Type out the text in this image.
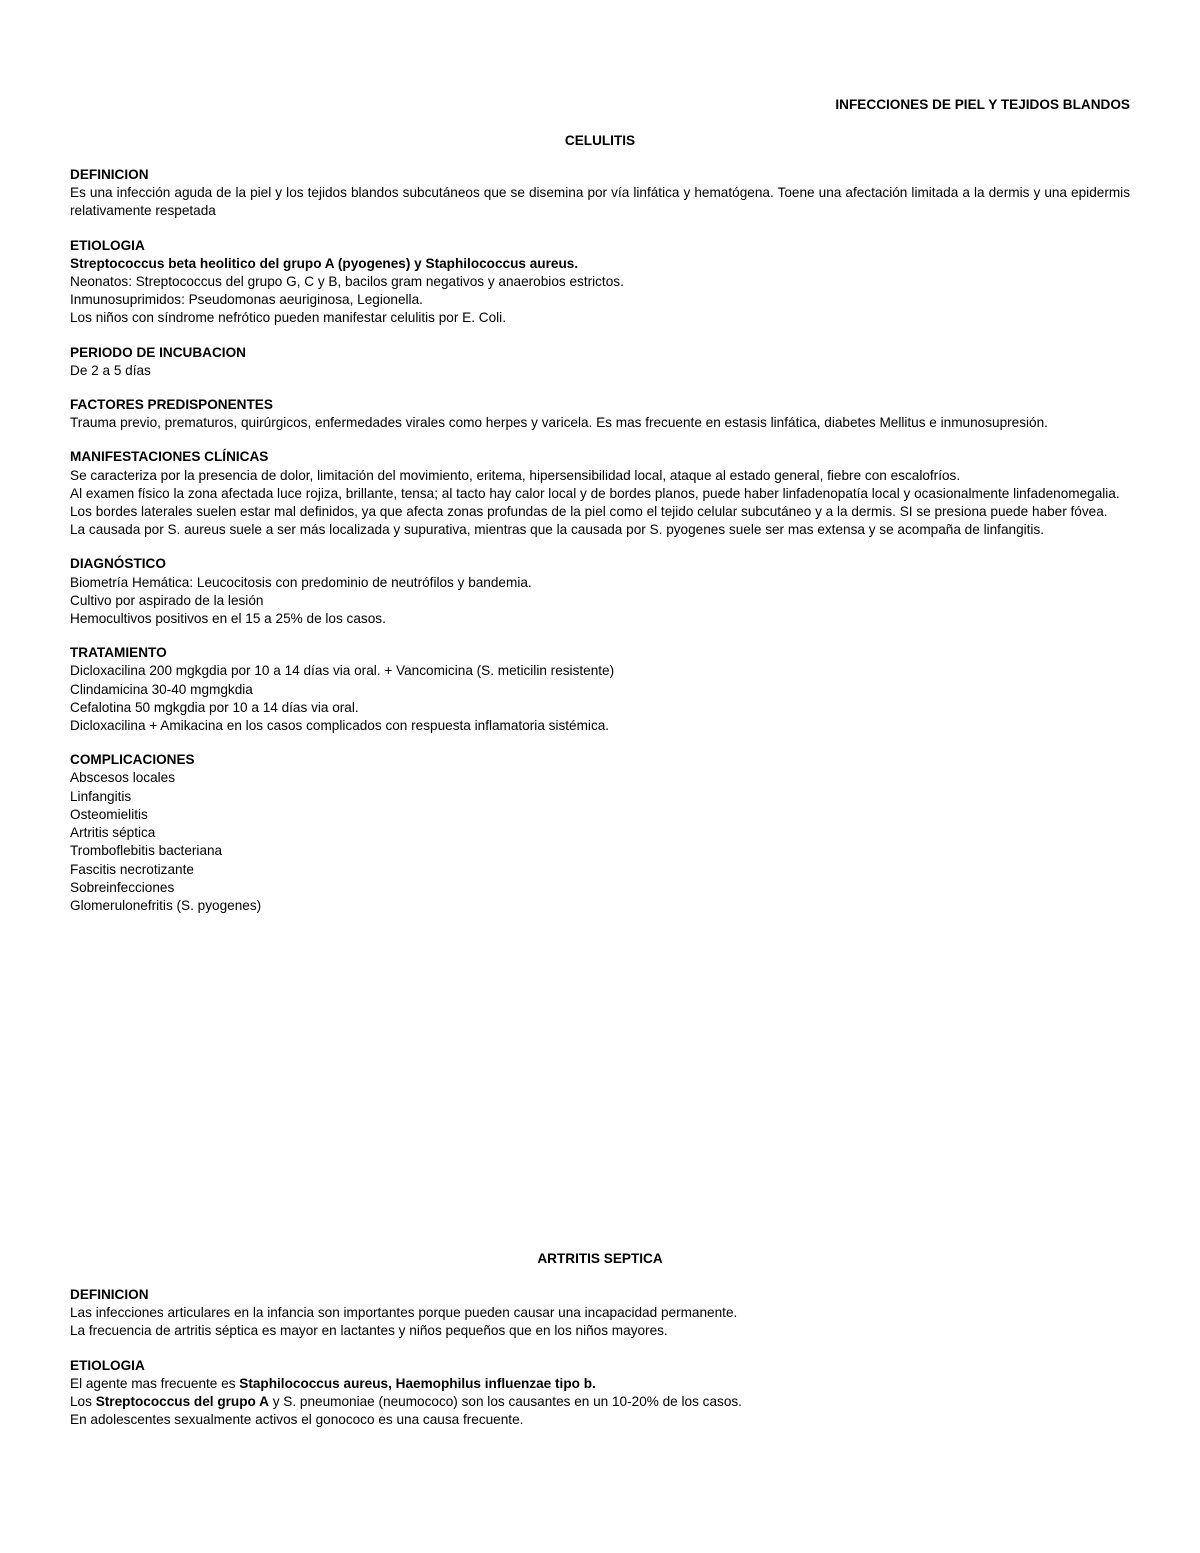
INFECCIONES DE PIEL Y TEJIDOS BLANDOS

CELULITIS

DEFINICION

Es una infección aguda de la piel y los tejidos blandos subcutáneos que se disemina por vía linfática y hematógena. Toene una afectación limitada a la dermis y una epidermis relativamente respetada

ETIOLOGIA

Streptococcus beta heolitico del grupo A (pyogenes) y Staphilococcus aureus.

Neonatos: Streptococcus del grupo G, C y B, bacilos gram negativos y anaerobios estrictos.

Inmunosuprimidos: Pseudomonas aeuriginosa, Legionella.

Los niños con síndrome nefrótico pueden manifestar celulitis por E. Coli.

PERIODO DE INCUBACION

De 2 a 5 días

FACTORES PREDISPONENTES

Trauma previo, prematuros, quirúrgicos, enfermedades virales como herpes y varicela. Es mas frecuente en estasis linfática, diabetes Mellitus e inmunosupresión.

MANIFESTACIONES CLÍNICAS

Se caracteriza por la presencia de dolor, limitación del movimiento, eritema, hipersensibilidad local, ataque al estado general, fiebre con escalofríos.

Al examen físico la zona afectada luce rojiza, brillante, tensa; al tacto hay calor local y de bordes planos, puede haber linfadenopatía local y ocasionalmente linfadenomegalia.

Los bordes laterales suelen estar mal definidos, ya que afecta zonas profundas de la piel como el tejido celular subcutáneo y a la dermis. SI se presiona puede haber fóvea.

La causada por S. aureus suele a ser más localizada y supurativa, mientras que la causada por S. pyogenes suele ser mas extensa y se acompaña de linfangitis.

DIAGNÓSTICO

Biometría Hemática: Leucocitosis con predominio de neutrófilos y bandemia.

Cultivo por aspirado de la lesión

Hemocultivos positivos en el 15 a 25% de los casos.

TRATAMIENTO

Dicloxacilina 200 mgkgdia por 10 a 14 días via oral. + Vancomicina (S. meticilin resistente)

Clindamicina 30-40 mgmgkdia

Cefalotina 50 mgkgdia por 10 a 14 días via oral.

Dicloxacilina + Amikacina en los casos complicados con respuesta inflamatoria sistémica.

COMPLICACIONES

Abscesos locales

Linfangitis

Osteomielitis

Artritis séptica

Tromboflebitis bacteriana

Fascitis necrotizante

Sobreinfecciones

Glomerulonefritis (S. pyogenes)

ARTRITIS SEPTICA

DEFINICION

Las infecciones articulares en la infancia son importantes porque pueden causar una incapacidad permanente.

La frecuencia de artritis séptica es mayor en lactantes y niños pequeños que en los niños mayores.

ETIOLOGIA

El agente mas frecuente es Staphilococcus aureus, Haemophilus influenzae tipo b.

Los Streptococcus del grupo A y S. pneumoniae (neumococo) son los causantes en un 10-20% de los casos.

En adolescentes sexualmente activos el gonococo es una causa frecuente.
